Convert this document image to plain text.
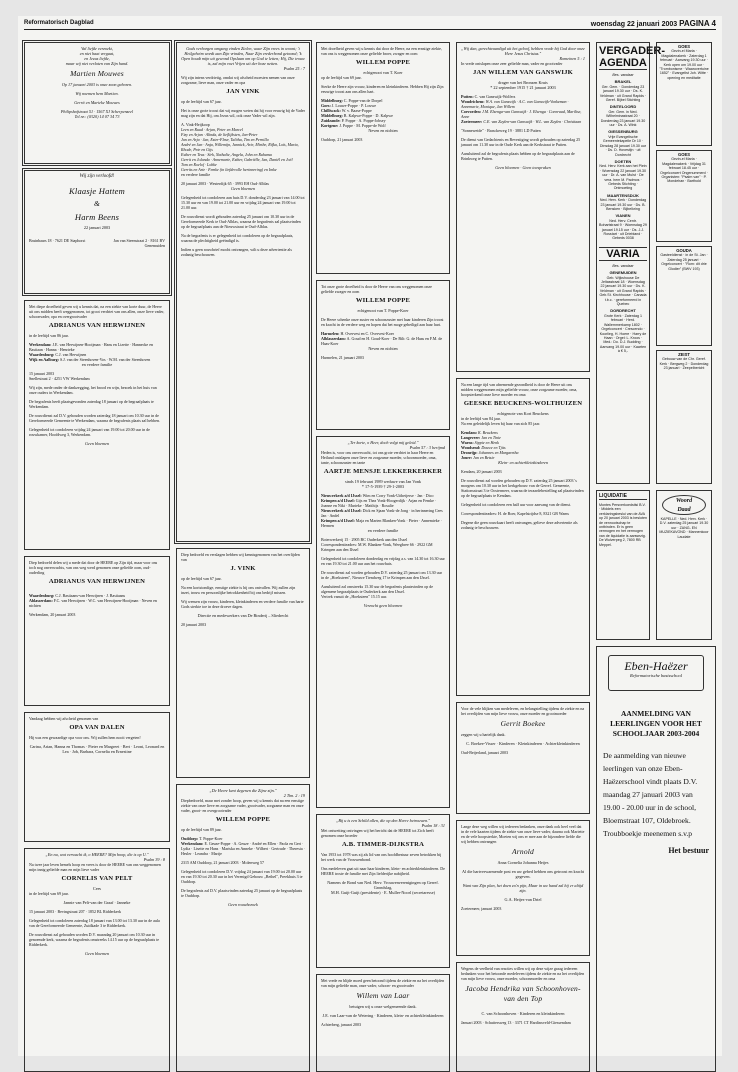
Reformatorisch Dagblad	woensdag 22 januari 2003 PAGINA 4
Val liefde verzoekt,
en niet haat vergaat,
en Jezus liefde,
maar wij niet verlaten van Zijn hand.
Martien Mouwes
Op 17 januari 2003 is onze zoon geboren.
Wij noemen hem Martien.
Gerrit en Marieke Mouwes
Philipshofstraat 51 · 1567 XJ Scherpenzeel
Tel.nr.: (0320) 14 07 34 73
Wij zijn verloofd!
Klaasje Hattem
&
Harm Beens
22 januari 2003
Bruinbaars 18 · 7621 DE Staphorst	Jan van Steenstraat 2 · 8161 BV Genemuiden
Met diepe droefheid geven wij u kennis dat, na een ziekte van korte duur, de Heere uit ons midden heeft weggenomen, tot groot verdriet van ons allen, onze lieve vader, schoonvader, opa en overgrootvader
ADRIANUS VAN HERWIJNEN
in de leeftijd van 86 jaar.
Werkendam: J.E. van Herwijnen-Hooijman · Hans en Lizette · Hannecke en Bastiaan · Hanna · Henrieke
Waardenburg: C.J. van Herwijnen
Wijk en Aalburg: S.J. van der Steenhoven-Vos · W.M. van der Steenhoven
en verdere familie
15 januari 2003
Snellestraat 2 · 4251 VW Werkendam
Wij zijn, mede onder de dankzegging, het brood en wijn, bezoek in het huis van onze ouders in Werkendam.
De begrafenis heeft plaatsgevonden zaterdag 18 januari op de begraafplaats te Werkendam.
De rouwdienst zal D.V. gehouden worden zaterdag 18 januari om 10.30 uur in de Gereformeerde Gemeente te Werkendam, waarna de begrafenis plaats zal hebben.
Gelegenheid tot condoleren vrijdag 24 januari van 19.00 tot 20.00 uur in de rouwkamer, Hoofdweg 3, Werkendam.
Geen bloemen
Diep bedroefd delen wij u mede dat door de HEERE op Zijn tijd, maar voor ons toch nog onverwachts, van ons weg werd genomen onze geliefde oom, oud-ouderling
ADRIANUS VAN HERWIJNEN
Waardenburg: C.J. Bastiaans-van Herwijnen · J. Bastiaans
Ablasserdam: F.C. van Herwijnen · W.C. van Herwijnen-Hooijman · Neven en nichten
Werkendam, 20 januari 2003
Vandaag hebben wij afscheid genomen van
OPA VAN DALEN
Hij was een gewaardige opa voor ons. Wij zullen hem nooit vergeten!
Carina, Arian, Hanna en Thomas · Pieter en Margreet · Bert · Leoni, Leonard en Lea · Job, Barbara, Cornelia en Ernestine
„En nu, wat verwacht ik, o HEERE? Mijn hoop, die is op U."
Psalm 39 : 8
Na twee jaar leven hemels hoop en vrees is door de HEERE van ons weggenomen mijn innig geliefde man en mijn lieve vader
CORNELIS VAN PELT
Cees
in de leeftijd van 69 jaar.
Jannie van Pelt-van der Graaf · Janneke
15 januari 2003 · Bevingstraat 207 · 1852 BL Ridderkerk
Gelegenheid tot condoleren zaterdag 18 januari van 13.00 tot 13.30 uur in de aula van de Gereformeerde Gemeente, Zuidkade 3 te Ridderkerk.
De rouwdienst zal gehouden worden D.V. maandag 20 januari om 10.30 uur in genoemde kerk, waarna de begrafenis omstreeks 14.15 uur op de begraafplaats te Ridderkerk.
Geen bloemen
Gods verborgen omgang vinden Zielen, waar Zijn vrees in woont; 't Heilgeheim wordt aan Zijn vrinden, Naar Zijn vrederbond getoond; 'k Open houdt mijn uit gewond Opslaan om op God te letten; Hij, Die trouw is, zal mijn voet Vrijen uit der boze netten.
Psalm 25 : 7
Wij zijn intens verdrietig, omdat wij afscheid moesten nemen van onze zorgzame, lieve man, onze vader en opa
JAN VINK
op de leeftijd van 67 jaar.
Het is onze grote troost dat wij mogen weten dat hij voor eeuwig bij de Vader mag zijn en dat Hij, om Jezus wil, ook onze Vader wil zijn.
A. Vink-Heijkoop
Leen en Ruud · Arjan, Peter en Marcel
Fizy en Arjan · Alinda, de lieflijksten, Jan-Peter
Jan en Arja · Jan, Ester-Fleur, Talitha, Tim en Pernilla
André en Jan · Anja, Willemijn, Jannick, Arie, Mirthe, Rifka, Loïs, Maria, Rhode, Pete en Gijs
Esther en Teus · Sirk, Nathalie, Angela, John en Ruhama
Gerrit en Jolanda · Annemarie, Esther, Gabriëlle, Jan, Daniël en Joël
Tom en Roelof · Lobke
Gerrits en Arie · Femke (in liefdevolle herinnering) en Imke
en verdere familie
20 januari 2003 · Westerdijk 65 · 3993 EH Oud-Alblas
Geen bloemen
Gelegenheid tot condoleren aan huis D.V. donderdag 23 januari van 14.00 tot 15.30 uur en van 19.00 tot 21.00 uur en vrijdag 24 januari van 19.00 tot 21.00 uur.
De rouwdienst wordt gehouden zaterdag 25 januari om 10.30 uur in de Gereformeerde Kerk te Oud-Alblas, waarna de begrafenis zal plaatsvinden op de begraafplaats aan de Nieuwstraat te Oud-Alblas.
Na de begrafenis is er gelegenheid tot condoleren op de begraafplaats, waarna de plechtigheid geëindigd is.
Indien u geen rouwbrief mocht ontvangen, wilt u deze advertentie als zodanig beschouwen.
Diep bedroefd en verslagen hebben wij kennisgenomen van het overlijden van
J. VINK
op de leeftijd van 67 jaar.
Na een kortstondige, ernstige ziekte is hij ons ontvallen. Wij zullen zijn inzet, trouw en persoonlijke betrokkenheid bij ons bedrijf missen.
Wij wensen zijn vrouw, kinderen, kleinkinderen en verdere familie van harte Gods sterkte toe in deze droeve dagen.
Directie en medewerkers van De Binderij – Sliedrecht
20 januari 2003
„De Heere kent degenen die Zijne zijn."
2 Tim. 2 : 19
Diepbedroefd, maar met zonder hoop, geven wij u kennis dat na een ernstige ziekte van onze lieve en zorgzame vader, grootvader, zorgzame man en onze vader, groot- en overgrootvader
WILLEM POPPE
op de leeftijd van 89 jaar.
Ouddorp: T. Poppe-Koer
Werkendam: E. Geuze-Poppe · A. Geuze · André en Ellen · Paola en Gert · Lydia · Lisette en Hans · Mariska en Anneke · Wilbert · Gertrude · Theresia · Hesler · Leandra · Martje
2315 AM Ouddorp, 21 januari 2003 · Molenweg 57
Gelegenheid tot condoleren D.V. vrijdag 24 januari van 19.00 tot 20.00 uur en van 19.30 tot 20.30 uur in het Verenigd Gebouw „Bethel", Preekhuis 3 te Ouddorp.
De begrafenis zal D.V. plaatsvinden zaterdag 25 januari op de begraafplaats te Ouddorp.
Geen rouwbezoek
Met droefheid geven wij u kennis dat door de Heere, na een ernstige ziekte, van ons is weggenomen onze geliefde broer, zwager en oom
WILLEM POPPE
echtgenoot van T. Koer
op de leeftijd van 69 jaar.
Sterke de Heere zijn vrouw, kinderen en kleinkinderen. Hebben Hij zijn Zijn eeuwige troost aan ons allen hart.
Middelburg: C. Poppe-van de Dorpel
Goes: J. Louwe-Poppe · P. Louwe
Chilliwack: W. v. Baase-Poppe
Middelburg: B. Kalpwe-Poppe · D. Kalpwe
Zuidzande: P. Poppe · A. Poppe-Jobsey
Kortgene: J. Poppe · M. Poppe-de Wolf
Neven en nichten
Ouddorp, 21 januari 2003
Tot onze grote droefheid is door de Heere van ons weggenomen onze geliefde zwager en oom
WILLEM POPPE
echtgenoot van T. Poppe-Koer
De Heere schenke onze zuster en schoonzuster met haar kinderen Zijn troost en kracht in de verdere weg en hopen dat het moge geheiligd aan haar hart.
Harmelen: H. Overvest en C. Overvest-Koer
Alblasserdam: A. Goud en H. Goud-Koer · De Bilt: G. de Haas en F.M. de Haas-Koer
Neven en nichten
Harmelen, 21 januari 2003
„Ter korte, o Heer, doch volgt mij geleid."
Psalm 57 : 3 berijmd
Heden is, voor ons onverwacht, tot ons grote verdriet in haar Heere en Heiland ontslapen onze lieve en zorgzame moeder, schoonmoeder, oma, tante, schoonzuster en tante
AARTJE MENSJE LEKKERKERKER
sinds 19 februari 1989 weduwe van Jan Vonk
* 17-5-1939 † 29-1-2003
Nieuwerkerk a/d IJssel: Wim en Corry Vonk-Uitbeijerse · Jan · Dico
Krimpen a/d IJssel: Gijs en Thea Vonk-Hoogerdijk · Arjan en Femke · Joanne en Niki · Marieke · Matthijs · Rosalie
Nieuwerkerk a/d IJssel: Dick en Sjaan Vonk-de Jong · in herinnering Cees Jan · Andel
Krimpen a/d IJssel: Maja en Marten Blanken-Vonk · Pieter · Annemieke · Hermen
en verdere familie
Boterwerkerij 15 · 2905 BC Ouderkerk aan den IJssel
Correspondentieadres: M.W. Blanken-Vonk, Weegbree 66 · 2922 GM Krimpen aan den IJssel
Gelegenheid tot condoleren donderdag en vrijdag a.s. van 14.30 tot 16.30 uur en van 19.30 tot 21.00 uur aan het rouwhuis.
De rouwdienst zal worden gehouden D.V. zaterdag 25 januari om 13.30 uur in de „Hoeksteen", Nieuwe Tiendweg 17 te Krimpen aan den IJssel.
Aansluitend zal omstreeks 15.30 uur de begrafenis plaatsvinden op de algemene begraafplaats te Ouderkerk aan den IJssel.
Vertrek vanuit de „Hoeksteen" 15.15 uur.
Verzocht geen bloemen
„Bij u is een Schild allen, die op den Heere betrouwen."
Psalm 18 : 31
Met ontwetting ontvingen wij het bericht dat de HEERE tot Zich heeft genomen onze broeder
A.B. TIMMER-DIJKSTRA
Van 1953 tot 1978 was zij als lid van ons hoofdbestuur zeven betrokken bij het werk van de Vrouwenbond.
Ons medeleven gaat uit naar haar kinderen, klein- en achterkleinkinderen. De HEERE troste de familie met Zijn liefderijke nabijheid.
Namens de Bond van Ned. Herv. Vrouwenverenigingen op Gerref. Grondslag,
M.H. Guijt-Guijt (presidente) · E. Muller-Noorl (secretaresse)
Met vrede en blijde moed geen betoond tijdens de ziekte en na het overlijden van mijn geliefde man, onze vader, schoon- en grootvader
Willem van Laar
betuigen wij u onze welgemeende dank.
J.E. van Laar-van de Wetering · Kinderen, klein- en achterkleinkinderen
Achterberg, januari 2003
„Wij dan, gerechtvaardigd uit het geloof, hebben vrede bij God door onze Here Jezus Christus."
Romeinen 5 : 1
In vrede ontslapen onze zeer geliefde man, vader en grootvader
JAN WILLEM VAN GANSWIJK
drager van het Bronzen Kruis
* 22 september 1915 † 21 januari 2003
Putten: C. van Ganswijk-Wolfers
Woudrichem: W.A. van Ganswijk · A.C. van Ganswijk-Vonkeman · Annemarie, Monique, Jan Willem
Coevorden: J.M. Elsenga-van Ganswijk · J. Elsenga · Coenraad, Marilise, Anne
Zoetermeer: C.E. van Zuylen-van Ganswijk · W.L. van Zuylen · Christiaan
"Sonneweide" · Brasckeweg 19 · 3881 LD Putten
De dienst van Gedachtenis en Bevestiging wordt gehouden op zaterdag 25 januari om 11.30 uur in de Oude Kerk aan de Kerkstraat te Putten.
Aansluitend zal de begrafenis plaats hebben op de begraafplaats aan de Brinkweg te Putten.
Geen bloemen · Geen toespraken
Na een lange tijd van afnemende gezondheid is door de Heere uit ons midden weggenomen mijn geliefde vrouw, onze zorgzame moeder, oma, hoopsterkend onze lieve moeder en oma
GEESKE BEUCKENS-WOLTHUIZEN
echtgenote van Kort Beuckens
in de leeftijd van 84 jaar.
Na een geleidelijk leven bij haar van zich 85 jaar.
Kendam: K. Beuckens
Langeveer: Jan en Tinie
Warns: Sippie en Henk
Woudsend: Douwe en Tjits
Dronrijp: Johannes en Margaretha
Joure: Jan en Betsie
Klein- en achterkleinkinderen
Kendam, 20 januari 2003
De rouwdienst zal worden gehouden op D.V. zaterdag 25 januari 2003 's morgens om 10.30 uur in het kerkgebouw van de Gerref. Gemeente, Stationsstraat 3 te Oostermeer, waarna de teraardebestelling zal plaatsvinden op de begraafplaats te Kendam.
Gelegenheid tot condoleren een half uur voor aanvang van de dienst.
Correspondentieadres: H. de Boer, Kapelstrijdse 8, 8321 GB Warns
Degene die geen rouwkaart heeft ontvangen, gelieve deze advertentie als zodanig te beschouwen.
Voor de vele blijken van medeleven, en belangstelling tijdens de ziekte en na het overlijden van mijn lieve vrouw, onze moeder en grootmoeder
Gerrit Boekee
zeggen wij u hartelijk dank.
C. Boekee-Visser · Kinderen · Kleinkinderen · Achterkleinkinderen
Oud-Beijerland, januari 2003
Lange deze weg willen wij iedereen bedanken, onze dank ook heel veel dat in de vele kaarten tijdens de ziekte van onze lieve vader, daarna ook Mariette en de vele hoopsterkte, Moeten wij ons er mee aan de bijzondere liefde die wij hebben ontvangen
Arnold
Anna Cornelia Johanna Heijes
Al die hartverwarmende post en uw gebed hebben ons getroost en kracht gegeven.
Want van Zijn plan, het doen zo'n pijn, Maar in uw hand zal hij er altijd zijn.
G.A. Heijes-van Driel
Zoetermeer, januari 2003
Wegens de veelheid van reacties willen wij op deze wijze graag iedereen bedanken voor het betoonde medeleven tijdens de ziekte en na het overlijden van mijn lieve vrouw, onze moeder, schoonmoeder en oma
Jacoba Hendrika van Schoonhoven-van den Top
C. van Schoonhoven · Kinderen en kleinkinderen
Januari 2003 · Schuttersweg 13 · 3371 CT Hardinxveld-Giessendam
VERGADER-AGENDA
Bes. vandaar
BRAKEL
Ger. Gem. · Donderdag 23 januari 19.30 uur · Ds. K. Veldman · uit Grand Rapids · Geref. Bijbel Stichting
DINTELOORD
Ger. Gem. in Ned. Wilhelminastraat 20 · Donderdag 23 januari 19.30 uur · Ds. A. Wink
GIESSENBURG
Vrije Evangelische Gemeentekapelle Dr 10 · Dinsdag 28 januari 19.30 uur · Ds. D. Hovestijn · uit Dordrecht
DOETEN
Ned. Herv. Kerk aan het Plein · Woensdag 22 januari 19.30 uur · Dr. A. van Mulst · De vera. hem M. Padmos · Gebeds Stichting · Ontmoeting
MAARTENSDIJK
Ned. Herv. Kerk · Donderdag 23 januari 19.30 uur · Ds. B. Bensken · Bijbelkring
VIANEN
Ned. Herv. Centr. Bohartstraat 9 · Woensdag 29 januari 19.15 uur · Ds. J.J. Rosstart · uit Driebland · Gebeds 0038
VARIA
Bes. vandaar
GENEMUIDEN
Geb. Wijkshouse De Jeltasstraat 18 · Woensdag 22 januari 19.30 uur · Ds. K. Veldman · uit Grand Rapids · Geb.St. Kirchhouse · Canada t.b.c. · gereformeerd in Quebec
DORDRECHT
Grote Kerk · Zaterdag 1 februari · Herd. Wallemmerkamp 1802 · Orgelconcert · Crescendo · Koorlieg, H. Hoere · Harry de Haan · Orgel: L. Kroos · Med.: Do. D.J. Budding · Aanvang 19.00 uur · Kaarten à € 5,-
GOES
Gezin-el Maria · Magdalenakerk · Zaterdag 1 februari · Aanvang 19.30 uur · Kerk open om 19.00 uur · "Trombonisme · Waarovertuine 1652" · Evangelist Joh. Witte · opening en meditatie
GOES
Gezin-el Maria · Magdalenakerk · Vrijdag 31 februari 18.45 uur · Orgelconcert Ongenummerd · Organisten: "Psalm van" · P. Mondehan · Barthold
GOUDA
Gasteeldienst · in de St. Jan · Zaterdag 25 januari · Orgelconcert · "Rom: dit drie Glodier" (BWV 193)
ZEIST
Gebouw van de Chr. Geref. Kerk · Bergweg 2 · Donderdag 23 januari · Zeepelbericht
LIQUIDATIE
Montes Persverkoedstisi B.V. · Middels een verklaringsbeslui van de AVA op 20 januari 2003 is besloten de vennootschap te ontbinden. Er is geen vermogen en het vermogen van de liquidatie is aanwezig. De Wulverpeg 2, 7800 RB Meppel.
Woord
Daad
KAPELLE · Ned. Herv. Kerk · D.V. zaterdag 25 januari 19.30 uur · ZANG- EN MUZIEKAVOND · Mannenkoor Laudate
Eben-Haëzer
Reformatorische basisschool
AANMELDING VAN LEERLINGEN VOOR HET SCHOOLJAAR 2003-2004
De aanmelding van nieuwe leerlingen van onze Eben-Haëzerschool vindt plaats D.V. maandag 27 januari 2003 van 19.00 - 20.00 uur in de school, Bloemstraat 107, Oldebroek. Troubboekje meenemen s.v.p
Het bestuur
